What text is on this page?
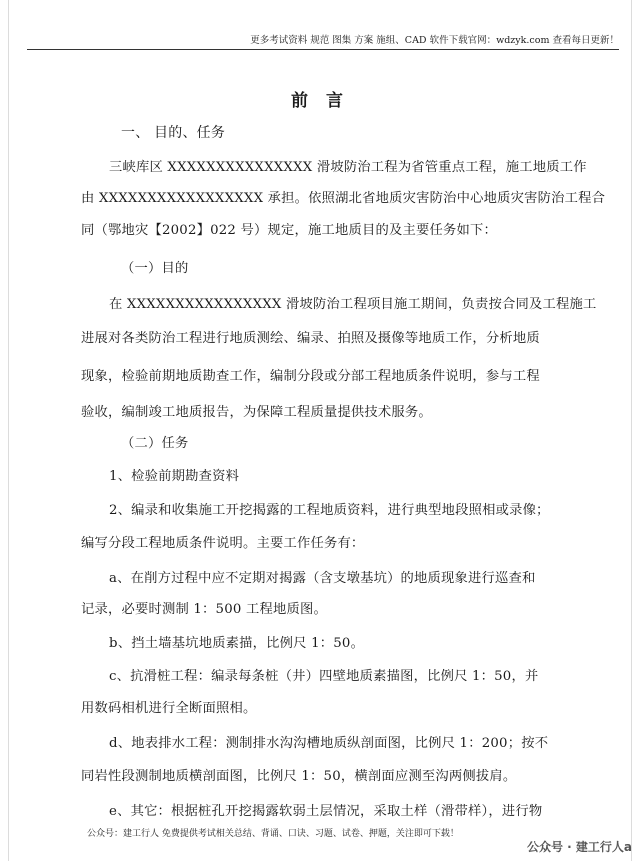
更多考试资料 规范 图集 方案 施组、CAD 软件下载官网：wdzyk.com 查看每日更新！
前 言
一、 目的、任务
三峡库区 XXXXXXXXXXXXXXX 滑坡防治工程为省管重点工程，施工地质工作
由 XXXXXXXXXXXXXXXXX 承担。依照湖北省地质灾害防治中心地质灾害防治工程合
同（鄂地灾【2002】022 号）规定，施工地质目的及主要任务如下：
（一）目的
在 XXXXXXXXXXXXXXXX 滑坡防治工程项目施工期间，负责按合同及工程施工
进展对各类防治工程进行地质测绘、编录、拍照及摄像等地质工作，分析地质
现象，检验前期地质勘查工作，编制分段或分部工程地质条件说明，参与工程
验收，编制竣工地质报告，为保障工程质量提供技术服务。
（二）任务
1、检验前期勘查资料
2、编录和收集施工开挖揭露的工程地质资料，进行典型地段照相或录像；
编写分段工程地质条件说明。主要工作任务有：
a、在削方过程中应不定期对揭露（含支墩基坑）的地质现象进行巡查和
记录，必要时测制 1：500 工程地质图。
b、挡土墙基坑地质素描，比例尺 1：50。
c、抗滑桩工程：编录每条桩（井）四壁地质素描图，比例尺 1：50，并
用数码相机进行全断面照相。
d、地表排水工程：测制排水沟沟槽地质纵剖面图，比例尺 1：200；按不
同岩性段测制地质横剖面图，比例尺 1：50，横剖面应测至沟两侧拔肩。
e、其它：根据桩孔开挖揭露软弱土层情况，采取土样（滑带样），进行物
公众号：建工行人 免费提供考试相关总结、背诵、口诀、习题、试卷、押题，关注即可下载！
公众号 · 建工行人a
